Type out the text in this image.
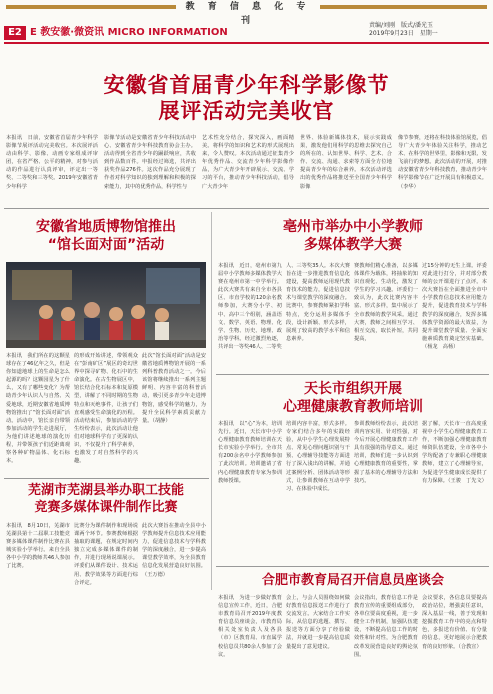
教 育 信 息 化 专 刊
E2 E 教安徽·微资讯 MICRO INFORMATION
责编/刘刚　版式/潘光玉
2019年9月23日　星期一
安徽省首届青少年科学影像节
展评活动完美收官
本报讯　日前，安徽省首届青少年科学影像节展评活动完美收官。本次展评活动由科学、影像、动画专家组成评审团，在省严格、公平的精神，对参与活动的作品进行认真评审，评定出一等奖、二等奖和三等奖。2019年安徽省青少年科学
影像节活动是安徽省青少年科技活动中心、安徽省青少年科技教育协会主办。活动得到全省青少年的踊跃响应，共收到作品数百件。申报经过筛选，共评出获奖作品276件。这次作品充分展现了作者对科学知识的独到理解和积极的探索能力，其中的优秀作品，科学性与
艺术性充分结合，探究深入，画面精美。将科学的知识和艺术的形式展现出来，令人赞叹。本次活动通过征集青少年优秀作品、交流青少年科学影像作品，为广大青少年开辟展示、交流、学习的平台，推动青少年科技活动，倡导广大青少年
世界、体验新媒体技术，展示实践成果，激发他们用科学的思维去探究自己的所在的、认知世界、科学、艺术、合作、交流、沟通、求索等方面全方位地提高青少年的综合素养。本次活动评选出的优秀作品将推送至全国青少年科学影像
像节参赛，还将在科技体验馆展览，倡导广大青少年体验关注科学，推动艺术、在科学的世界里，影像和无限、发飞前行的梦想。此次活动的开展，对推动安徽省青少年科技教育，推动青少年科学影像节在广泛开展具有积极意义。（李华）
安徽省地质博物馆推出
“馆长面对面”活动
本报讯　我们所在的这颗星球存在了46亿年之久，但是你知道地球上的生命是怎么起源的吗？这颗园星为了什么，又有了哪些变化？为帮助青少年认识人与自然、关爱地球，近期安徽省地质博物馆推出了“馆长面对面”活动。活动中，馆长亲自带领参加活动的学生走进展厅，为他们讲述地球的演化历程，并带领孩子们近距离观察各种矿物晶体、化石标本。
的形成开始讲述，带领观众在“彭南矿区”展区的奇幻世界中探寻矿物、化石中的生命演化。在古生物展区中，馆长结合化石标本和复原模型，讲解了不同时期的生物特点和灭绝事件，让孩子们直观感受生命演化的历程。活动结束后，参加活动的学生纷纷表示，此次活动让他们对地球科学有了更深的认识，不仅提升了科学素养，也激发了对自然科学的兴趣。
此次“馆长面对面”活动是安徽省地质博物馆开展的一系列科普教育活动之一。今后该馆将继续推出一系列主题鲜明、内容丰富的科普活动，吸引更多青少年走进博物馆，感受科学的魅力，为提升全民科学素质贡献力量。（胡静）
亳州市举办中小学教师
多媒体教学大赛
本报讯　近日，亳州市第九届中小学教师多媒体教学大赛在亳州市第一中学举行。此次大赛共有来自全市各县区、市直学校的120余名教师参加，大赛分小学、初中、高中三个组别，涵盖语文、数学、英语、物理、化学、生物、历史、地理、政治等学科。经过激烈角逐，共评出一等奖46人、二等奖
人、三等奖35人。本次大赛旨在进一步推进教育信息化建设，提高教师运用现代教育技术的能力，促进信息技术与课堂教学的深度融合。比赛中，参赛教师紧扣学科特点，充分运用多媒体手段，设计新颖、形式多样，展现了较高的教学水平和信息素养。
赛教师们精心准备，以多媒体课件为载体，将抽象的知识直观化、生动化，激发了学生的学习兴趣。评委们一致认为，此次比赛内容丰富、形式多样，集中展示了全市教师的教学风采。通过大赛，教师之间相互学习、相互交流，取长补短，共同提高，
过15分钟的无生上课。评委对此进行打分，并对部分教师的公开课进行了点评。本次大赛旨在全面推进全市中小学教育信息技术应用能力提升，促进教育技术与学科教学的深度融合，发挥多媒体教学资源的最大效益，为提升课堂教学质量、全面实施素质教育奠定坚实基础。（杨龙　高杨）
天长市组织开展
心理健康教育教师培训
本报讯　以“心”为本，培训先行。近日，天长市中小学心理健康教育教师培训在天长市实验小学举行。全市共有200余名中小学教师参加了此次培训。培训邀请了省内心理健康教育专家为参训教师授课。
培训内容丰富，形式多样。专家们结合多年的实践经验，从中小学生心理发展特点、常见心理问题识别与干预、心理辅导技能等方面进行了深入浅出的讲解，并通过案例分析、团体活动等形式，让参训教师在互动中学习、在体验中成长。
参训教师纷纷表示，此次培训内容实用、针对性强，对今后开展心理健康教育工作具有很强的指导意义。通过培训，教师们进一步认识到心理健康教育的重要性，掌握了基本的心理辅导方法和技巧。
据了解，天长市一直高度重视中小学生心理健康教育工作，不断加强心理健康教育师资队伍建设，全市各中小学均配备了专兼职心理健康教师，建立了心理辅导室，为促进学生健康成长提供了有力保障。（王骏　丁先文）
芜湖市芜湖县举办职工技能
竞赛多媒体课件制作比赛
本报讯　8月10日，芜湖市芜湖县第十二届职工技能竞赛多媒体课件制作比赛在县城实验小学举行。来自全县各中小学的教师共46人参加了比赛。
比赛分为课件制作和现场说课两个环节。参赛教师根据抽取的课题，在规定时间内独立完成多媒体课件的制作，并进行现场说课展示。评委们从课件设计、技术运用、教学效果等方面进行综合评定。
此次大赛旨在推动全县中小学教师提升信息技术应用能力，促进信息技术与学科教学的深度融合，进一步提高课堂教学效率，为全县教育信息化发展营造良好氛围。（王万德）	合肥市教育局召开信息员座谈会
本报讯　为进一步做好教育信息宣传工作，近日，合肥市教育局召开2019年度教育信息员座谈会，市教育局相关处室负责人及各县（市）区教育局、市直属学校信息员共80余人参加了会议。
会上，与会人员围绕如何做好教育信息报送工作进行了交流发言。大家结合工作实际，从信息的选题、撰写、报送等方面分享了经验做法，并就进一步提高信息质量提出了意见建议。
会议指出，教育信息工作是教育宣传的重要组成部分，各单位要高度重视，进一步健全工作机制，加强队伍建设，不断提高信息工作的时效性和针对性，为合肥教育改革发展营造良好的舆论氛围。
会议要求，各信息员要提高政治站位，增强责任意识，深入基层一线，善于发现和挖掘教育工作中的亮点和特色，多报送有价值、有分量的信息，更好地展示合肥教育的良好形象。（合教宣）
